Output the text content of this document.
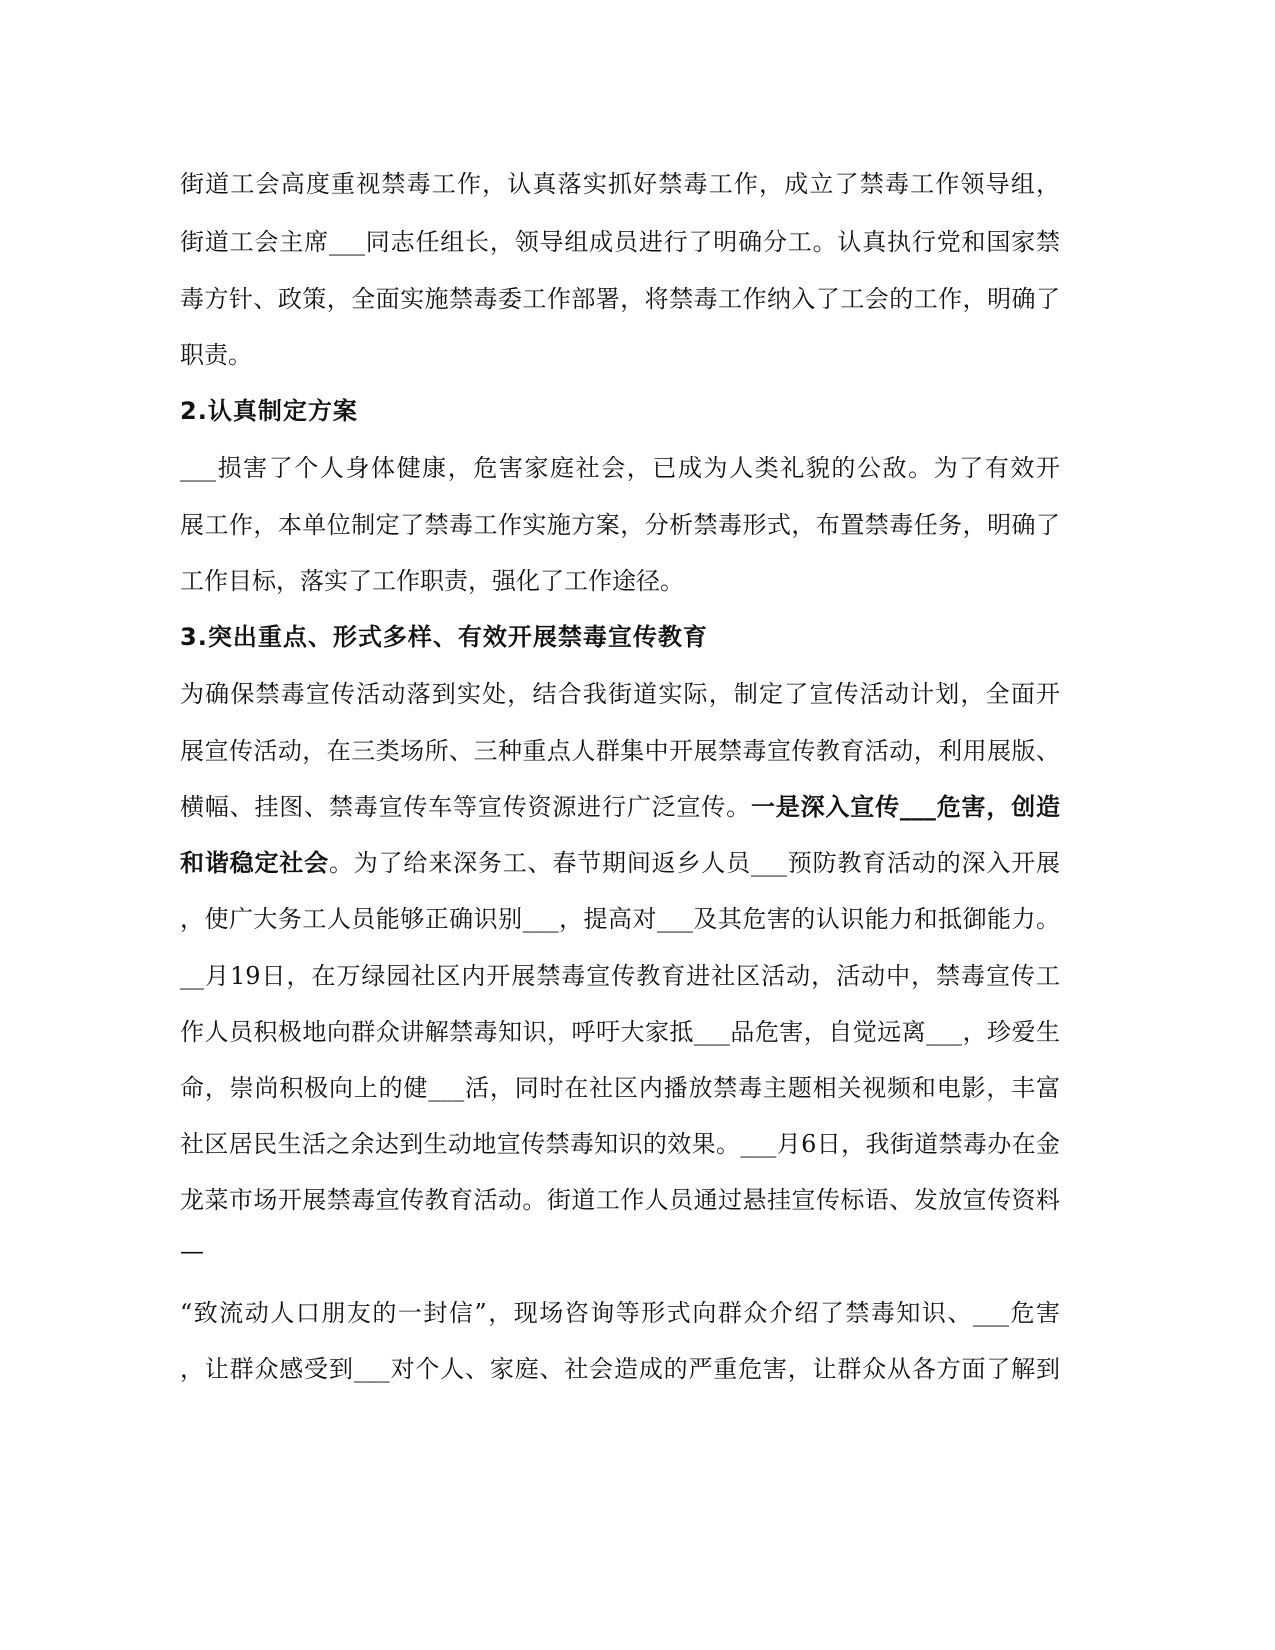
街道工会高度重视禁毒工作，认真落实抓好禁毒工作，成立了禁毒工作领导组，
街道工会主席___同志任组长，领导组成员进行了明确分工。认真执行党和国家禁
毒方针、政策，全面实施禁毒委工作部署，将禁毒工作纳入了工会的工作，明确了
职责。
2.认真制定方案
___损害了个人身体健康，危害家庭社会，已成为人类礼貌的公敌。为了有效开
展工作，本单位制定了禁毒工作实施方案，分析禁毒形式，布置禁毒任务，明确了
工作目标，落实了工作职责，强化了工作途径。
3.突出重点、形式多样、有效开展禁毒宣传教育
为确保禁毒宣传活动落到实处，结合我街道实际，制定了宣传活动计划，全面开
展宣传活动，在三类场所、三种重点人群集中开展禁毒宣传教育活动，利用展版、
横幅、挂图、禁毒宣传车等宣传资源进行广泛宣传。一是深入宣传___危害，创造
和谐稳定社会。为了给来深务工、春节期间返乡人员___预防教育活动的深入开展
，使广大务工人员能够正确识别___，提高对___及其危害的认识能力和抵御能力。
__月19日，在万绿园社区内开展禁毒宣传教育进社区活动，活动中，禁毒宣传工
作人员积极地向群众讲解禁毒知识，呼吁大家抵___品危害，自觉远离___，珍爱生
命，崇尚积极向上的健___活，同时在社区内播放禁毒主题相关视频和电影，丰富
社区居民生活之余达到生动地宣传禁毒知识的效果。___月6日，我街道禁毒办在金
龙菜市场开展禁毒宣传教育活动。街道工作人员通过悬挂宣传标语、发放宣传资料
—
“致流动人口朋友的一封信”，现场咨询等形式向群众介绍了禁毒知识、___危害
，让群众感受到___对个人、家庭、社会造成的严重危害，让群众从各方面了解到
